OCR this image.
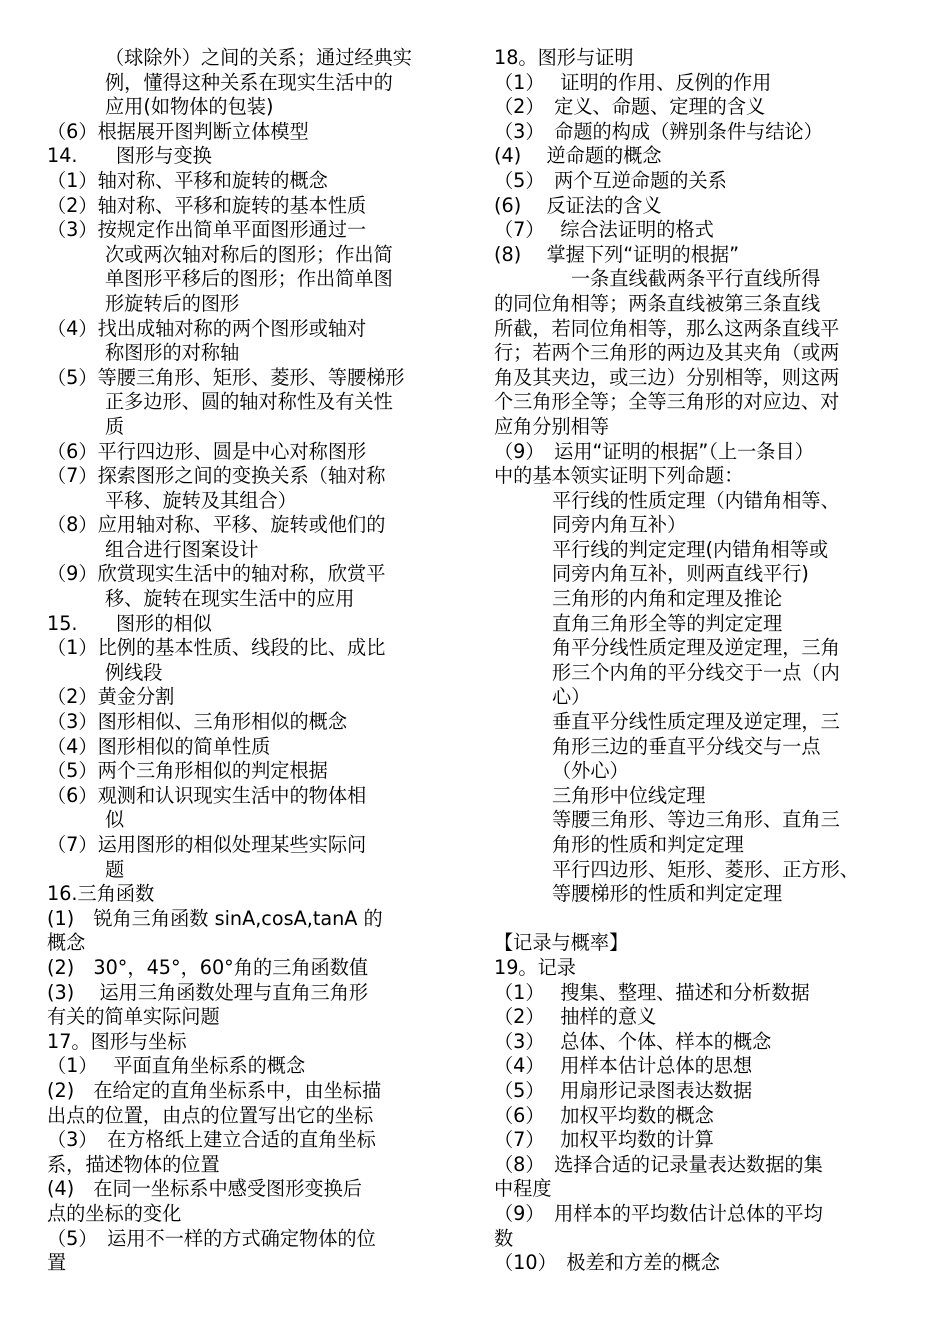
（球除外）之间的关系；通过经典实
例，懂得这种关系在现实生活中的
应用(如物体的包装)
（6）根据展开图判断立体模型
14.　　图形与变换
（1）轴对称、平移和旋转的概念
（2）轴对称、平移和旋转的基本性质
（3）按规定作出简单平面图形通过一
次或两次轴对称后的图形；作出简
单图形平移后的图形；作出简单图
形旋转后的图形
（4）找出成轴对称的两个图形或轴对
称图形的对称轴
（5）等腰三角形、矩形、菱形、等腰梯形
正多边形、圆的轴对称性及有关性
质
（6）平行四边形、圆是中心对称图形
（7）探索图形之间的变换关系（轴对称
平移、旋转及其组合）
（8）应用轴对称、平移、旋转或他们的
组合进行图案设计
（9）欣赏现实生活中的轴对称，欣赏平
移、旋转在现实生活中的应用
15.　　图形的相似
（1）比例的基本性质、线段的比、成比
例线段
（2）黄金分割
（3）图形相似、三角形相似的概念
（4）图形相似的简单性质
（5）两个三角形相似的判定根据
（6）观测和认识现实生活中的物体相
似
（7）运用图形的相似处理某些实际问
题
16.三角函数
(1)　锐角三角函数 sinA,cosA,tanA 的
概念
(2)　30°，45°，60°角的三角函数值
(3)　 运用三角函数处理与直角三角形
有关的简单实际问题
17。图形与坐标
（1）　 平面直角坐标系的概念
(2)　在给定的直角坐标系中，由坐标描
出点的位置，由点的位置写出它的坐标
（3）　在方格纸上建立合适的直角坐标
系，描述物体的位置
(4)　在同一坐标系中感受图形变换后
点的坐标的变化
（5）　运用不一样的方式确定物体的位
置
18。图形与证明
（1）　 证明的作用、反例的作用
（2）　定义、命题、定理的含义
（3）　命题的构成（辨别条件与结论）
(4)　 逆命题的概念
（5）　两个互逆命题的关系
(6)　 反证法的含义
（7）　 综合法证明的格式
(8)　 掌握下列“证明的根据”
一条直线截两条平行直线所得
的同位角相等；两条直线被第三条直线
所截，若同位角相等，那么这两条直线平
行；若两个三角形的两边及其夹角（或两
角及其夹边，或三边）分别相等，则这两
个三角形全等；全等三角形的对应边、对
应角分别相等
（9）　运用“证明的根据”（上一条目）
中的基本领实证明下列命题：
平行线的性质定理（内错角相等、
同旁内角互补）
平行线的判定定理(内错角相等或
同旁内角互补，则两直线平行)
三角形的内角和定理及推论
直角三角形全等的判定定理
角平分线性质定理及逆定理，三角
形三个内角的平分线交于一点（内
心）
垂直平分线性质定理及逆定理，三
角形三边的垂直平分线交与一点
（外心）
三角形中位线定理
等腰三角形、等边三角形、直角三
角形的性质和判定定理
平行四边形、矩形、菱形、正方形、
等腰梯形的性质和判定定理
【记录与概率】
19。记录
（1）　 搜集、整理、描述和分析数据
（2）　 抽样的意义
（3）　 总体、个体、样本的概念
（4）　 用样本估计总体的思想
（5）　 用扇形记录图表达数据
（6）　 加权平均数的概念
（7）　 加权平均数的计算
（8）　选择合适的记录量表达数据的集
中程度
（9）　用样本的平均数估计总体的平均
数
（10）　极差和方差的概念
